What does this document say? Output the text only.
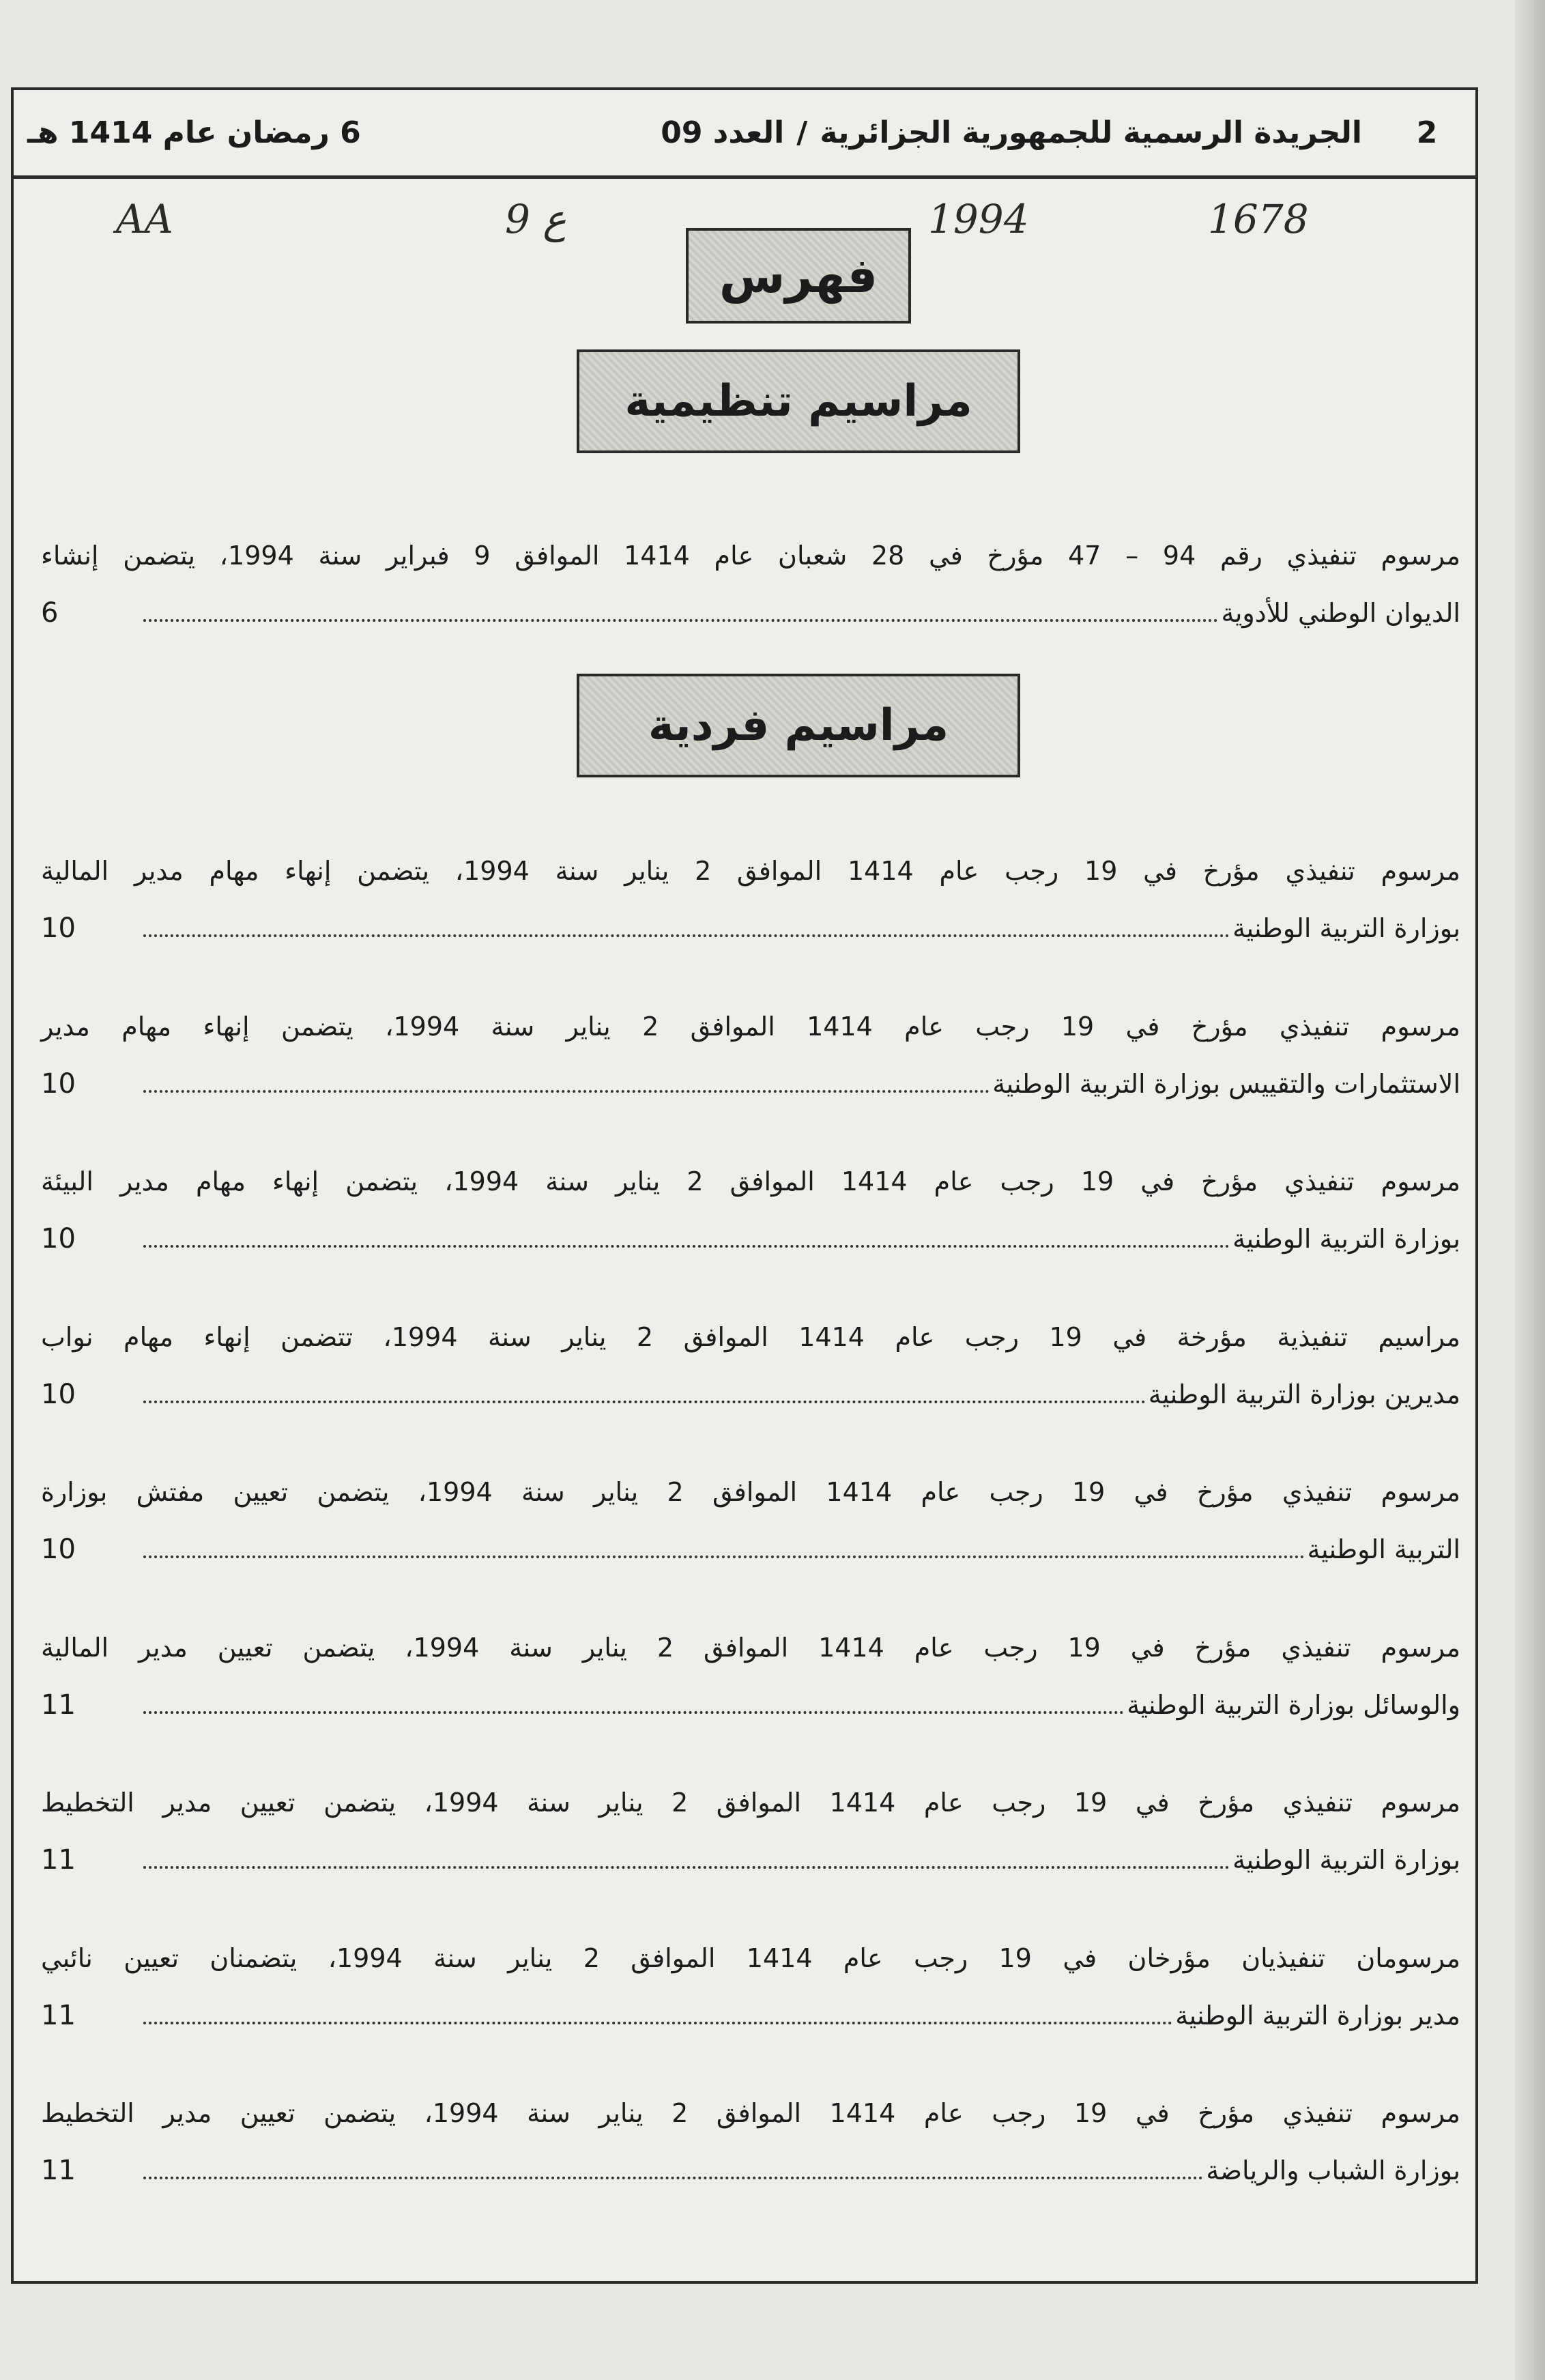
2
الجريدة الرسمية للجمهورية الجزائرية
/
العدد 09
6 رمضان عام 1414 هـ
1678
1994
ع 9
AA
فهرس
مراسيم تنظيمية
مرسوم تنفيذي رقم 94 – 47 مؤرخ في 28 شعبان عام 1414 الموافق 9 فبراير سنة 1994، يتضمن إنشاء
الديوان الوطني للأدوية
6
مراسيم فردية
مرسوم تنفيذي مؤرخ في 19 رجب عام 1414 الموافق 2 يناير سنة 1994، يتضمن إنهاء مهام مدير المالية
بوزارة التربية الوطنية
10
مرسوم تنفيذي مؤرخ في 19 رجب عام 1414 الموافق 2 يناير سنة 1994، يتضمن إنهاء مهام مدير
الاستثمارات والتقييس بوزارة التربية الوطنية
10
مرسوم تنفيذي مؤرخ في 19 رجب عام 1414 الموافق 2 يناير سنة 1994، يتضمن إنهاء مهام مدير البيئة
بوزارة التربية الوطنية
10
مراسيم تنفيذية مؤرخة في 19 رجب عام 1414 الموافق 2 يناير سنة 1994، تتضمن إنهاء مهام نواب
مديرين بوزارة التربية الوطنية
10
مرسوم تنفيذي مؤرخ في 19 رجب عام 1414 الموافق 2 يناير سنة 1994، يتضمن تعيين مفتش بوزارة
التربية الوطنية
10
مرسوم تنفيذي مؤرخ في 19 رجب عام 1414 الموافق 2 يناير سنة 1994، يتضمن تعيين مدير المالية
والوسائل بوزارة التربية الوطنية
11
مرسوم تنفيذي مؤرخ في 19 رجب عام 1414 الموافق 2 يناير سنة 1994، يتضمن تعيين مدير التخطيط
بوزارة التربية الوطنية
11
مرسومان تنفيذيان مؤرخان في 19 رجب عام 1414 الموافق 2 يناير سنة 1994، يتضمنان تعيين نائبي
مدير بوزارة التربية الوطنية
11
مرسوم تنفيذي مؤرخ في 19 رجب عام 1414 الموافق 2 يناير سنة 1994، يتضمن تعيين مدير التخطيط
بوزارة الشباب والرياضة
11
